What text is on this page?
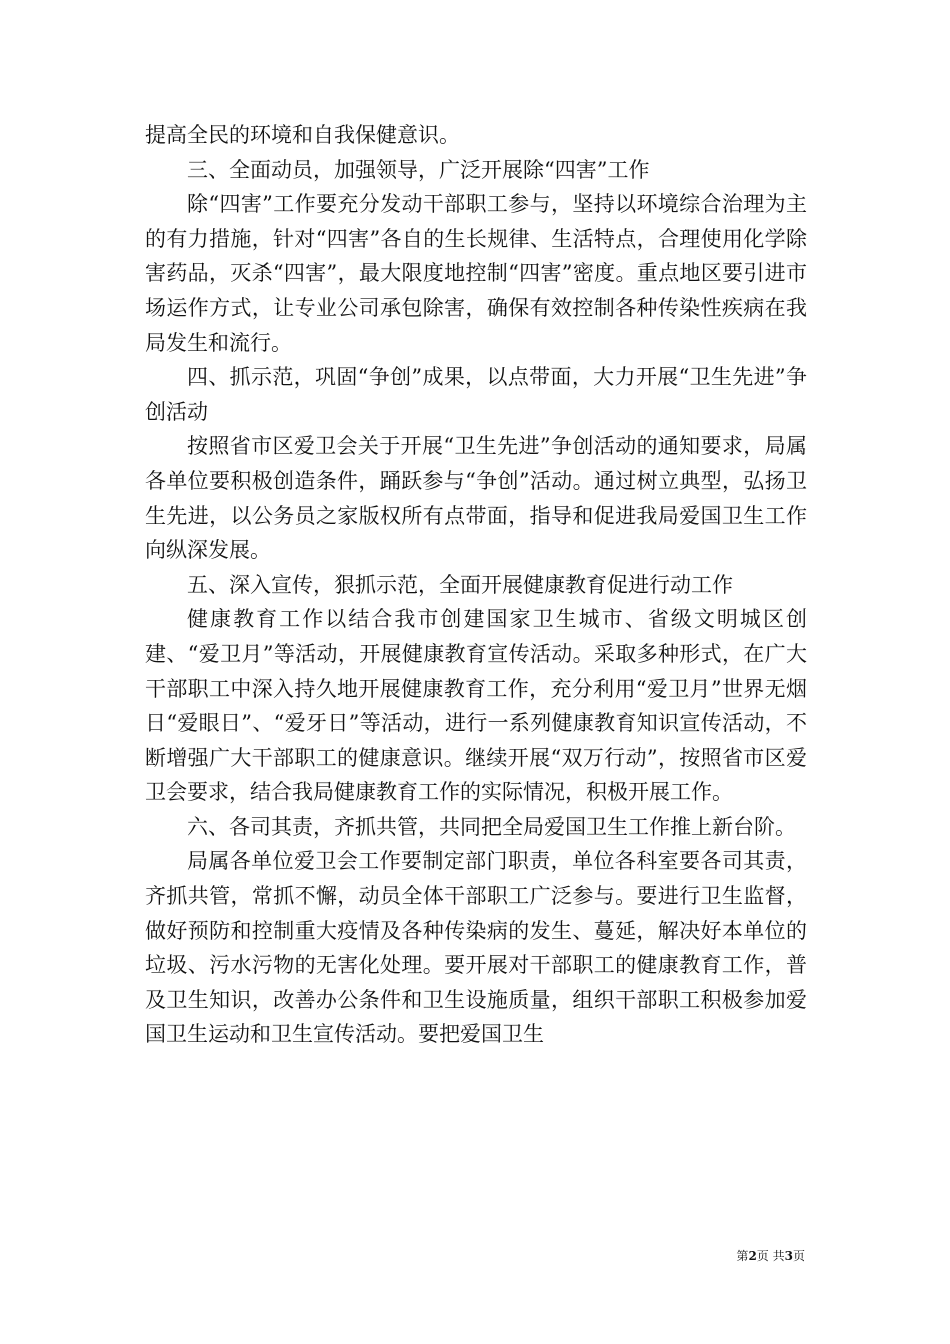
提高全民的环境和自我保健意识。

三、全面动员，加强领导，广泛开展除“四害”工作

除“四害”工作要充分发动干部职工参与，坚持以环境综合治理为主的有力措施，针对“四害”各自的生长规律、生活特点，合理使用化学除害药品，灭杀“四害”，最大限度地控制“四害”密度。重点地区要引进市场运作方式，让专业公司承包除害，确保有效控制各种传染性疾病在我局发生和流行。

四、抓示范，巩固“争创”成果，以点带面，大力开展“卫生先进”争创活动

按照省市区爱卫会关于开展“卫生先进”争创活动的通知要求，局属各单位要积极创造条件，踊跃参与“争创”活动。通过树立典型，弘扬卫生先进，以公务员之家版权所有点带面，指导和促进我局爱国卫生工作向纵深发展。

五、深入宣传，狠抓示范，全面开展健康教育促进行动工作

健康教育工作以结合我市创建国家卫生城市、省级文明城区创建、“爱卫月”等活动，开展健康教育宣传活动。采取多种形式，在广大干部职工中深入持久地开展健康教育工作，充分利用“爱卫月”世界无烟日“爱眼日”、“爱牙日”等活动，进行一系列健康教育知识宣传活动，不断增强广大干部职工的健康意识。继续开展“双万行动”，按照省市区爱卫会要求，结合我局健康教育工作的实际情况，积极开展工作。

六、各司其责，齐抓共管，共同把全局爱国卫生工作推上新台阶。

局属各单位爱卫会工作要制定部门职责，单位各科室要各司其责，齐抓共管，常抓不懈，动员全体干部职工广泛参与。要进行卫生监督，做好预防和控制重大疫情及各种传染病的发生、蔓延，解决好本单位的垃圾、污水污物的无害化处理。要开展对干部职工的健康教育工作，普及卫生知识，改善办公条件和卫生设施质量，组织干部职工积极参加爱国卫生运动和卫生宣传活动。要把爱国卫生

第2页 共3页
